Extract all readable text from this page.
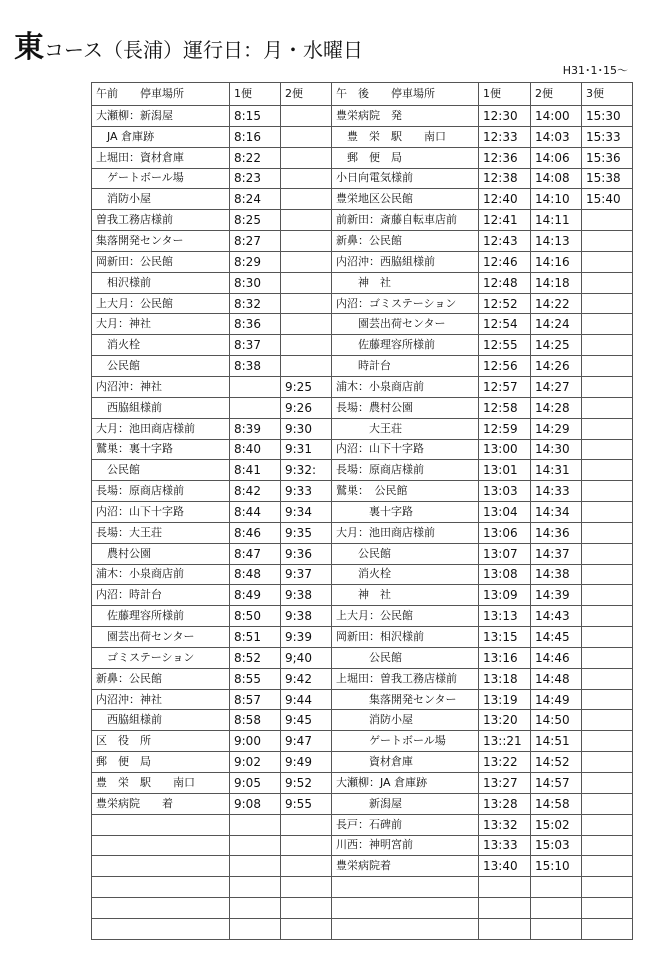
東コース（長浦）運行日：月・水曜日
H31･1･15～
午前　　停車場所	1便	2便	午　後　　停車場所	1便	2便	3便
大瀬柳：新潟屋	8:15		豊栄病院　発	12:30	14:00	15:30
　JA 倉庫跡	8:16		　豊　栄　駅　　南口	12:33	14:03	15:33
上堀田：資材倉庫	8:22		　郵　便　局	12:36	14:06	15:36
　ゲートボール場	8:23		小日向電気様前	12:38	14:08	15:38
　消防小屋	8:24		豊栄地区公民館	12:40	14:10	15:40
曽我工務店様前	8:25		前新田：斎藤自転車店前	12:41	14:11	
集落開発センター	8:27		新鼻：公民館	12:43	14:13	
岡新田：公民館	8:29		内沼沖：西脇組様前	12:46	14:16	
　相沢様前	8:30		　　神　社	12:48	14:18	
上大月：公民館	8:32		内沼：ゴミステーション	12:52	14:22	
大月：神社	8:36		　　園芸出荷センター	12:54	14:24	
　消火栓	8:37		　　佐藤理容所様前	12:55	14:25	
　公民館	8:38		　　時計台	12:56	14:26	
内沼沖：神社		9:25	浦木：小泉商店前	12:57	14:27	
　西脇組様前		9:26	長場：農村公園	12:58	14:28	
大月：池田商店様前	8:39	9:30	　　　大王荘	12:59	14:29	
鷲巣：裏十字路	8:40	9:31	内沼：山下十字路	13:00	14:30	
　公民館	8:41	9:32:	長場：原商店様前	13:01	14:31	
長場：原商店様前	8:42	9:33	鷲巣：　公民館	13:03	14:33	
内沼：山下十字路	8:44	9:34	　　　裏十字路	13:04	14:34	
長場：大王荘	8:46	9:35	大月：池田商店様前	13:06	14:36	
　農村公園	8:47	9:36	　　公民館	13:07	14:37	
浦木：小泉商店前	8:48	9:37	　　消火栓	13:08	14:38	
内沼：時計台	8:49	9:38	　　神　社	13:09	14:39	
　佐藤理容所様前	8:50	9:38	上大月：公民館	13:13	14:43	
　園芸出荷センター	8:51	9:39	岡新田：相沢様前	13:15	14:45	
　ゴミステーション	8:52	9;40	　　　公民館	13:16	14:46	
新鼻：公民館	8:55	9:42	上堀田：曽我工務店様前	13:18	14:48	
内沼沖：神社	8:57	9:44	　　　集落開発センター	13:19	14:49	
　西脇組様前	8:58	9:45	　　　消防小屋	13:20	14:50	
区　役　所	9:00	9:47	　　　ゲートボール場	13::21	14:51	
郵　便　局	9:02	9:49	　　　資材倉庫	13:22	14:52	
豊　栄　駅　　南口	9:05	9:52	大瀬柳：JA 倉庫跡	13:27	14:57	
豊栄病院　　着	9:08	9:55	　　　新潟屋	13:28	14:58	
			長戸：石碑前	13:32	15:02	
			川西：神明宮前	13:33	15:03	
			豊栄病院着	13:40	15:10	
